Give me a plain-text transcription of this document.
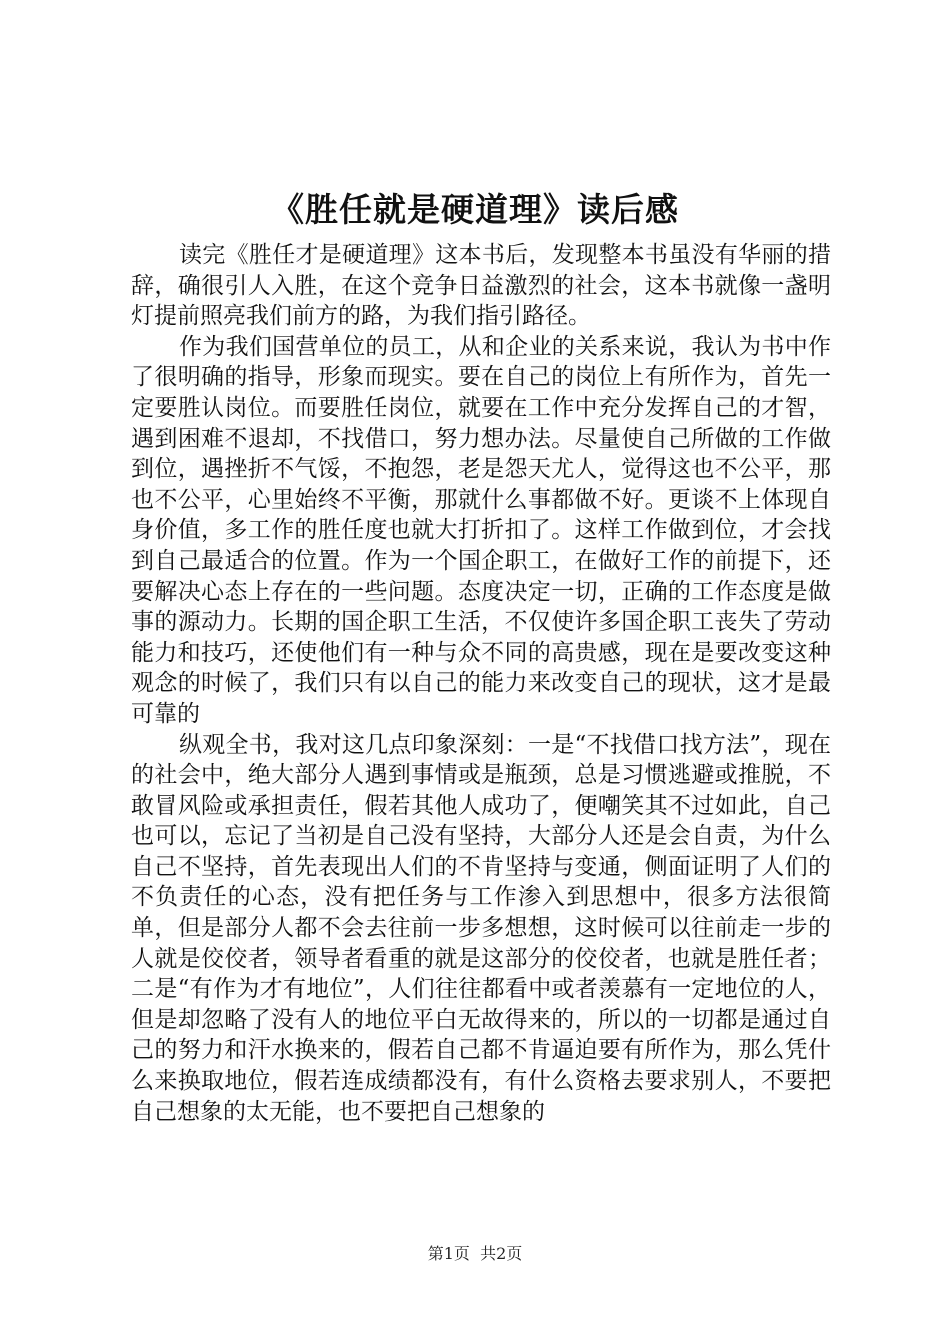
《胜任就是硬道理》读后感

读完《胜任才是硬道理》这本书后，发现整本书虽没有华丽的措辞，确很引人入胜，在这个竞争日益激烈的社会，这本书就像一盏明灯提前照亮我们前方的路，为我们指引路径。

作为我们国营单位的员工，从和企业的关系来说，我认为书中作了很明确的指导，形象而现实。要在自己的岗位上有所作为，首先一定要胜认岗位。而要胜任岗位，就要在工作中充分发挥自己的才智，遇到困难不退却，不找借口，努力想办法。尽量使自己所做的工作做到位，遇挫折不气馁，不抱怨，老是怨天尤人，觉得这也不公平，那也不公平，心里始终不平衡，那就什么事都做不好。更谈不上体现自身价值，多工作的胜任度也就大打折扣了。这样工作做到位，才会找到自己最适合的位置。作为一个国企职工，在做好工作的前提下，还要解决心态上存在的一些问题。态度决定一切，正确的工作态度是做事的源动力。长期的国企职工生活，不仅使许多国企职工丧失了劳动能力和技巧，还使他们有一种与众不同的高贵感，现在是要改变这种观念的时候了，我们只有以自己的能力来改变自己的现状，这才是最可靠的

纵观全书，我对这几点印象深刻：一是“不找借口找方法”，现在的社会中，绝大部分人遇到事情或是瓶颈，总是习惯逃避或推脱，不敢冒风险或承担责任，假若其他人成功了，便嘲笑其不过如此，自己也可以，忘记了当初是自己没有坚持，大部分人还是会自责，为什么自己不坚持，首先表现出人们的不肯坚持与变通，侧面证明了人们的不负责任的心态，没有把任务与工作渗入到思想中，很多方法很简单，但是部分人都不会去往前一步多想想，这时候可以往前走一步的人就是佼佼者，领导者看重的就是这部分的佼佼者，也就是胜任者；二是“有作为才有地位”，人们往往都看中或者羡慕有一定地位的人，但是却忽略了没有人的地位平白无故得来的，所以的一切都是通过自己的努力和汗水换来的，假若自己都不肯逼迫要有所作为，那么凭什么来换取地位，假若连成绩都没有，有什么资格去要求别人，不要把自己想象的太无能，也不要把自己想象的

第1页 共2页
